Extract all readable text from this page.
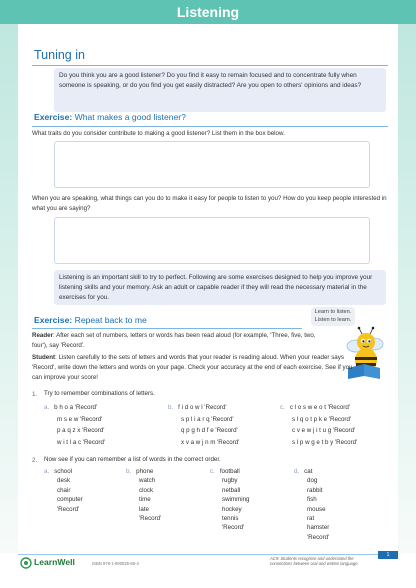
Listening
Tuning in
Do you think you are a good listener? Do you find it easy to remain focused and to concentrate fully when someone is speaking, or do you find you get easily distracted? Are you open to others' opinions and ideas?
Exercise: What makes a good listener?
What traits do you consider contribute to making a good listener? List them in the box below.
When you are speaking, what things can you do to make it easy for people to listen to you? How do you keep people interested in what you are saying?
Listening is an important skill to try to perfect. Following are some exercises designed to help you improve your listening skills and your memory. Ask an adult or capable reader if they will read the necessary material in the exercises for you.
Exercise: Repeat back to me
Learn to listen.
Listen to learn.
Reader: After each set of numbers, letters or words has been read aloud (for example, 'Three, five, two, four'), say 'Record'.
Student: Listen carefully to the sets of letters and words that your reader is reading aloud. When your reader says 'Record', write down the letters and words on your page. Check your accuracy at the end of each exercise. See if you can improve your score!
1. Try to remember combinations of letters.
a. b h o a 'Record'
m s e w 'Record'
p a q z x 'Record'
w i t l a c 'Record'
b. f i d o w l 'Record'
s p l i a r q 'Record'
q p g h d f e 'Record'
x v a w j n m 'Record'
c. c l o s w e o t 'Record'
s l q o t p k e 'Record'
c v e w j i t u g 'Record'
s l p w g e t b y 'Record'
2. Now see if you can remember a list of words in the correct order.
a. school
desk
chair
computer
'Record'
b. phone
watch
clock
time
late
'Record'
c. football
rugby
netball
swimming
hockey
tennis
'Record'
d. cat
dog
rabbit
fish
mouse
rat
hamster
'Record'
LearnWell	ISBN 978-1-990025-65-4
AC9: Students recognise and understand the connections between oral and written language.
1
